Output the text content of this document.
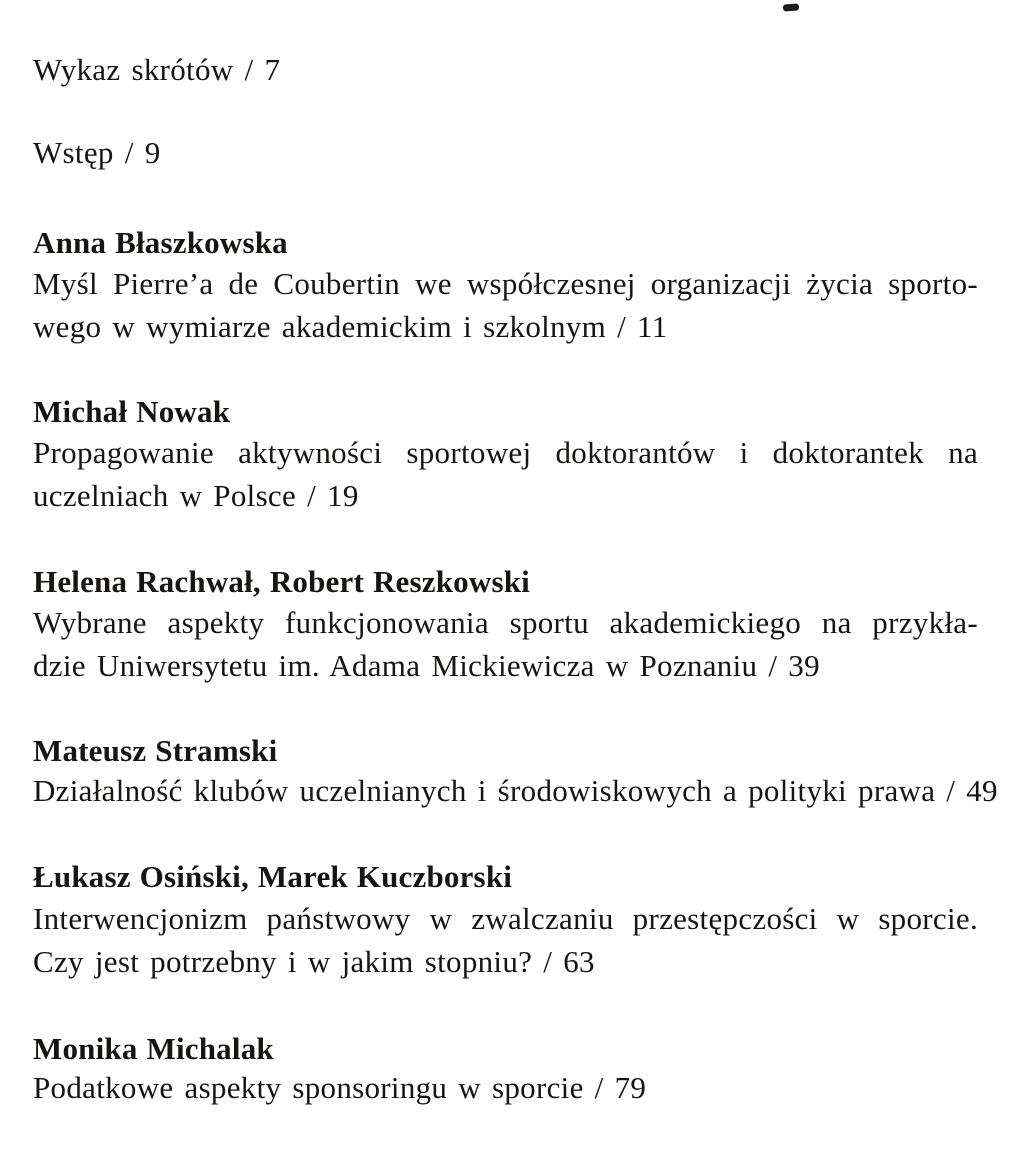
Wykaz skrótów / 7
Wstęp / 9
Anna Błaszkowska
Myśl Pierre’a de Coubertin we współczesnej organizacji życia sporto-
wego w wymiarze akademickim i szkolnym / 11
Michał Nowak
Propagowanie aktywności sportowej doktorantów i doktorantek na
uczelniach w Polsce / 19
Helena Rachwał, Robert Reszkowski
Wybrane aspekty funkcjonowania sportu akademickiego na przykła-
dzie Uniwersytetu im. Adama Mickiewicza w Poznaniu / 39
Mateusz Stramski
Działalność klubów uczelnianych i środowiskowych a polityki prawa / 49
Łukasz Osiński, Marek Kuczborski
Interwencjonizm państwowy w zwalczaniu przestępczości w sporcie.
Czy jest potrzebny i w jakim stopniu? / 63
Monika Michalak
Podatkowe aspekty sponsoringu w sporcie / 79
